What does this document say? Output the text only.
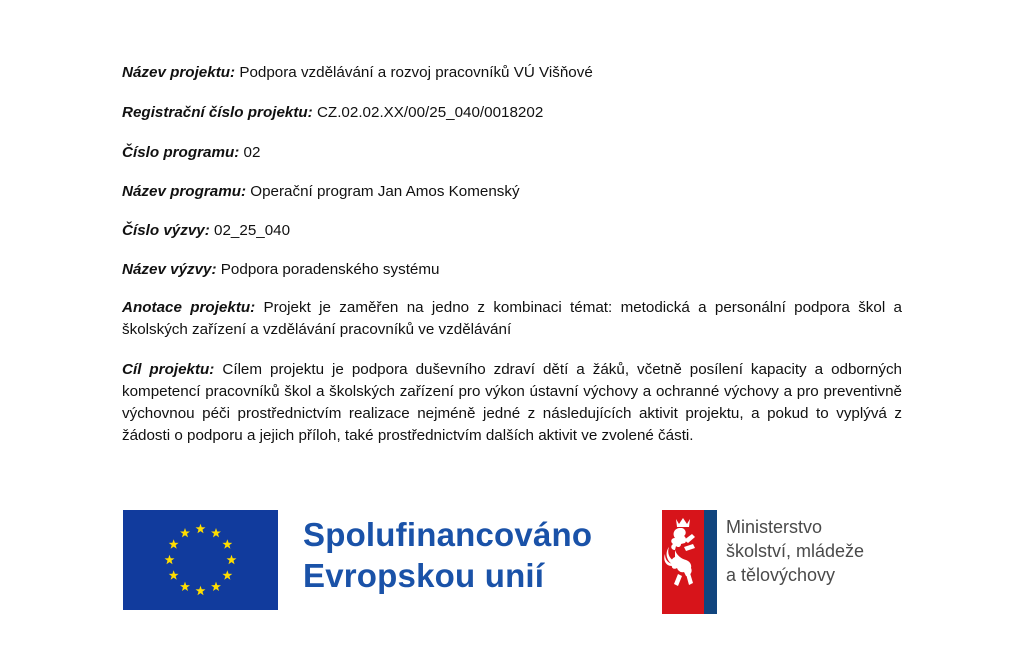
Název projektu: Podpora vzdělávání a rozvoj pracovníků VÚ Višňové

Registrační číslo projektu: CZ.02.02.XX/00/25_040/0018202

Číslo programu: 02

Název programu: Operační program Jan Amos Komenský

Číslo výzvy: 02_25_040

Název výzvy: Podpora poradenského systému

Anotace projektu: Projekt je zaměřen na jedno z kombinaci témat: metodická a personální podpora škol a školských zařízení a vzdělávání pracovníků ve vzdělávání

Cíl projektu: Cílem projektu je podpora duševního zdraví dětí a žáků, včetně posílení kapacity a odborných kompetencí pracovníků škol a školských zařízení pro výkon ústavní výchovy a ochranné výchovy a pro preventivně výchovnou péči prostřednictvím realizace nejméně jedné z následujících aktivit projektu, a pokud to vyplývá z žádosti o podporu a jejich příloh, také prostřednictvím dalších aktivit ve zvolené části.

Spolufinancováno
Evropskou unií
Ministerstvo
školství, mládeže
a tělovýchovy
